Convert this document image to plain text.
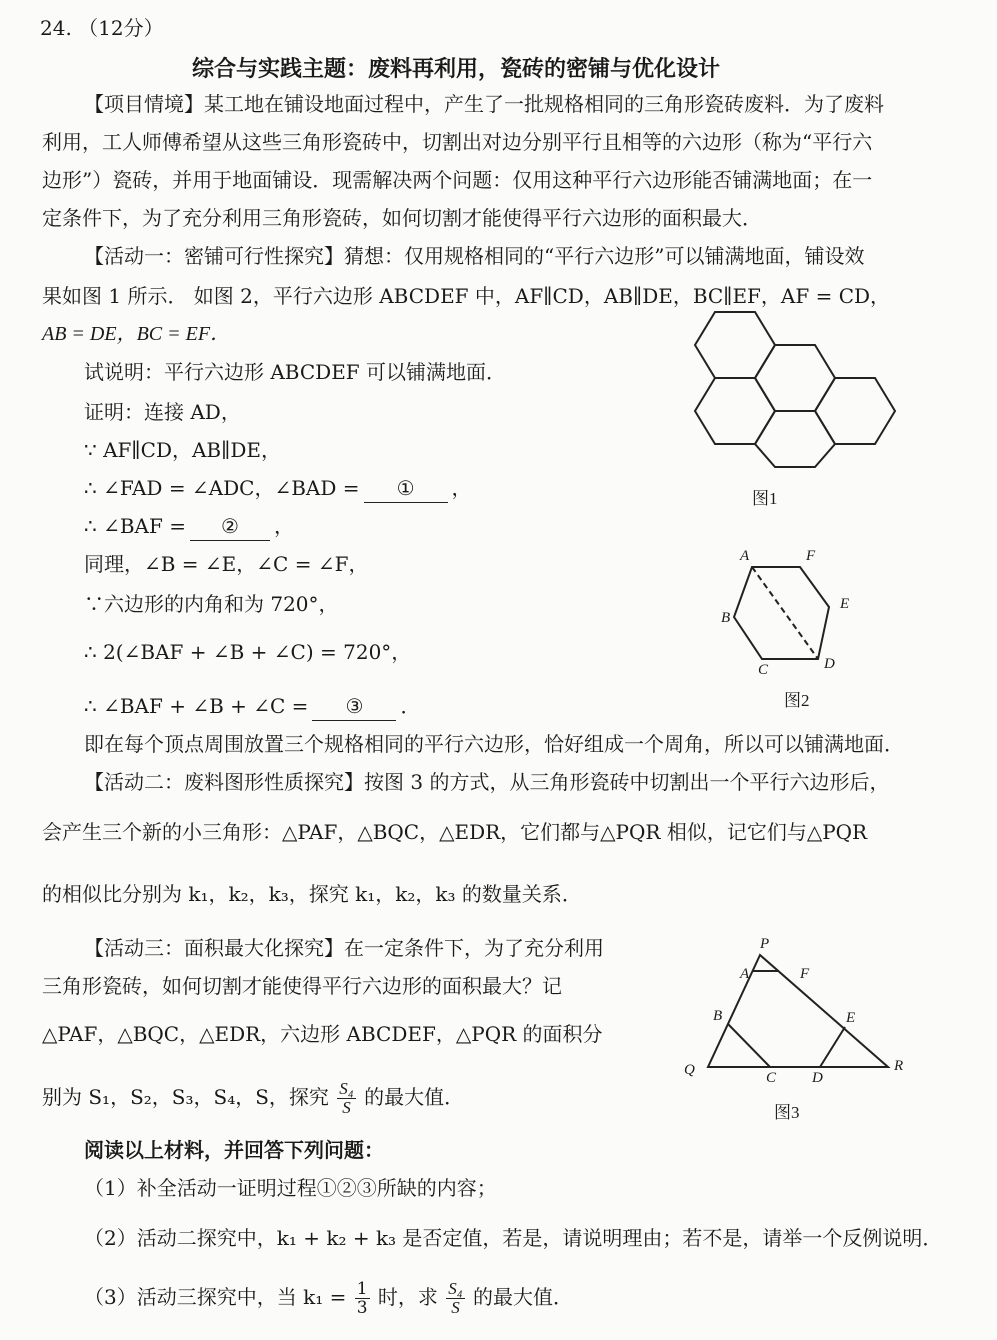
24. （12分）
综合与实践主题：废料再利用，瓷砖的密铺与优化设计
【项目情境】某工地在铺设地面过程中，产生了一批规格相同的三角形瓷砖废料．为了废料
利用，工人师傅希望从这些三角形瓷砖中，切割出对边分别平行且相等的六边形（称为“平行六
边形”）瓷砖，并用于地面铺设．现需解决两个问题：仅用这种平行六边形能否铺满地面；在一
定条件下，为了充分利用三角形瓷砖，如何切割才能使得平行六边形的面积最大．
【活动一：密铺可行性探究】猜想：仅用规格相同的“平行六边形”可以铺满地面，铺设效
果如图 1 所示． 如图 2，平行六边形 ABCDEF 中，AF∥CD，AB∥DE，BC∥EF，AF = CD，
AB = DE，BC = EF．
试说明：平行六边形 ABCDEF 可以铺满地面．
证明：连接 AD，
∵ AF∥CD，AB∥DE，
∴ ∠FAD = ∠ADC，∠BAD = ① ，
∴ ∠BAF = ② ，
同理，∠B = ∠E，∠C = ∠F，
∵六边形的内角和为 720°，
∴ 2(∠BAF + ∠B + ∠C) = 720°，
∴ ∠BAF + ∠B + ∠C = ③ ．
即在每个顶点周围放置三个规格相同的平行六边形，恰好组成一个周角，所以可以铺满地面．
【活动二：废料图形性质探究】按图 3 的方式，从三角形瓷砖中切割出一个平行六边形后，
会产生三个新的小三角形：△PAF，△BQC，△EDR，它们都与△PQR 相似，记它们与△PQR
的相似比分别为 k₁，k₂，k₃，探究 k₁，k₂，k₃ 的数量关系．
【活动三：面积最大化探究】在一定条件下，为了充分利用
三角形瓷砖，如何切割才能使得平行六边形的面积最大？记
△PAF，△BQC，△EDR，六边形 ABCDEF，△PQR 的面积分
别为 S₁，S₂，S₃，S₄，S，探究 $\frac{\text{S₄}}{S}$ 的最大值．
阅读以上材料，并回答下列问题：
（1）补全活动一证明过程①②③所缺的内容；
（2）活动二探究中，k₁ + k₂ + k₃ 是否定值，若是，请说明理由；若不是，请举一个反例说明．
（3）活动三探究中，当 $k_1 = \frac{1}{3}$ 时，求 $\frac{\text{S₄}}{S}$ 的最大值．
图1
A	F
B
E
C	D
图2
P
A	F
B	E
Q	C D
R
图3
